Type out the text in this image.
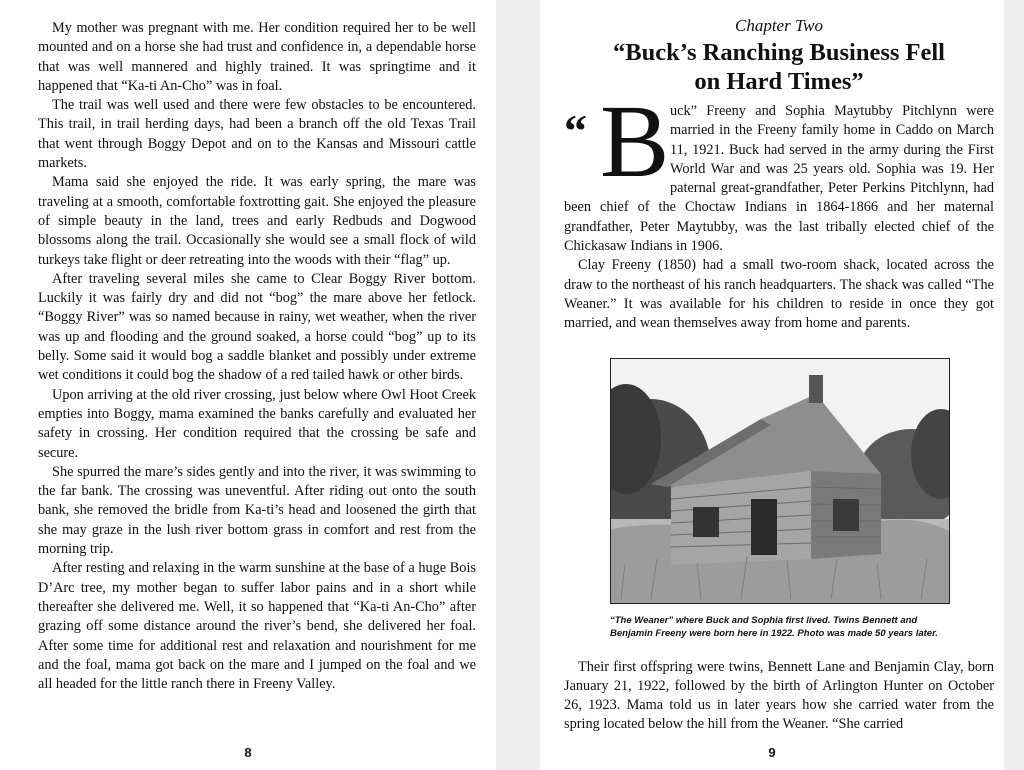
My mother was pregnant with me. Her condition required her to be well mounted and on a horse she had trust and confidence in, a dependable horse that was well mannered and highly trained. It was springtime and it happened that “Ka-ti An-Cho” was in foal.

The trail was well used and there were few obstacles to be encountered. This trail, in trail herding days, had been a branch off the old Texas Trail that went through Boggy Depot and on to the Kansas and Missouri cattle markets.

Mama said she enjoyed the ride. It was early spring, the mare was traveling at a smooth, comfortable foxtrotting gait. She enjoyed the pleasure of simple beauty in the land, trees and early Redbuds and Dogwood blossoms along the trail. Occasionally she would see a small flock of wild turkeys take flight or deer retreating into the woods with their “flag” up.

After traveling several miles she came to Clear Boggy River bottom. Luckily it was fairly dry and did not “bog” the mare above her fetlock. “Boggy River” was so named because in rainy, wet weather, when the river was up and flooding and the ground soaked, a horse could “bog” up to its belly. Some said it would bog a saddle blanket and possibly under extreme wet conditions it could bog the shadow of a red tailed hawk or other birds.

Upon arriving at the old river crossing, just below where Owl Hoot Creek empties into Boggy, mama examined the banks carefully and evaluated her safety in crossing. Her condition required that the crossing be safe and secure.

She spurred the mare’s sides gently and into the river, it was swimming to the far bank. The crossing was uneventful. After riding out onto the south bank, she removed the bridle from Ka-ti’s head and loosened the girth that she may graze in the lush river bottom grass in comfort and rest from the morning trip.

After resting and relaxing in the warm sunshine at the base of a huge Bois D’Arc tree, my mother began to suffer labor pains and in a short while thereafter she delivered me. Well, it so happened that “Ka-ti An-Cho” after grazing off some distance around the river’s bend, she delivered her foal. After some time for additional rest and relaxation and nourishment for me and the foal, mama got back on the mare and I jumped on the foal and we all headed for the little ranch there in Freeny Valley.

8
Chapter Two
“Buck’s Ranching Business Fell
on Hard Times”
“ B uck” Freeny and Sophia Maytubby Pitchlynn were married in the Freeny family home in Caddo on March 11, 1921. Buck had served in the army during the First World War and was 25 years old. Sophia was 19. Her paternal great-grandfather, Peter Perkins Pitchlynn, had been chief of the Choctaw Indians in 1864-1866 and her maternal grandfather, Peter Maytubby, was the last tribally elected chief of the Chickasaw Indians in 1906.

Clay Freeny (1850) had a small two-room shack, located across the draw to the northeast of his ranch headquarters. The shack was called “The Weaner.” It was available for his children to reside in once they got married, and wean themselves away from home and parents.

“The Weaner” where Buck and Sophia first lived. Twins Bennett and Benjamin Freeny were born here in 1922. Photo was made 50 years later.

Their first offspring were twins, Bennett Lane and Benjamin Clay, born January 21, 1922, followed by the birth of Arlington Hunter on October 26, 1923. Mama told us in later years how she carried water from the spring located below the hill from the Weaner. “She carried

9
